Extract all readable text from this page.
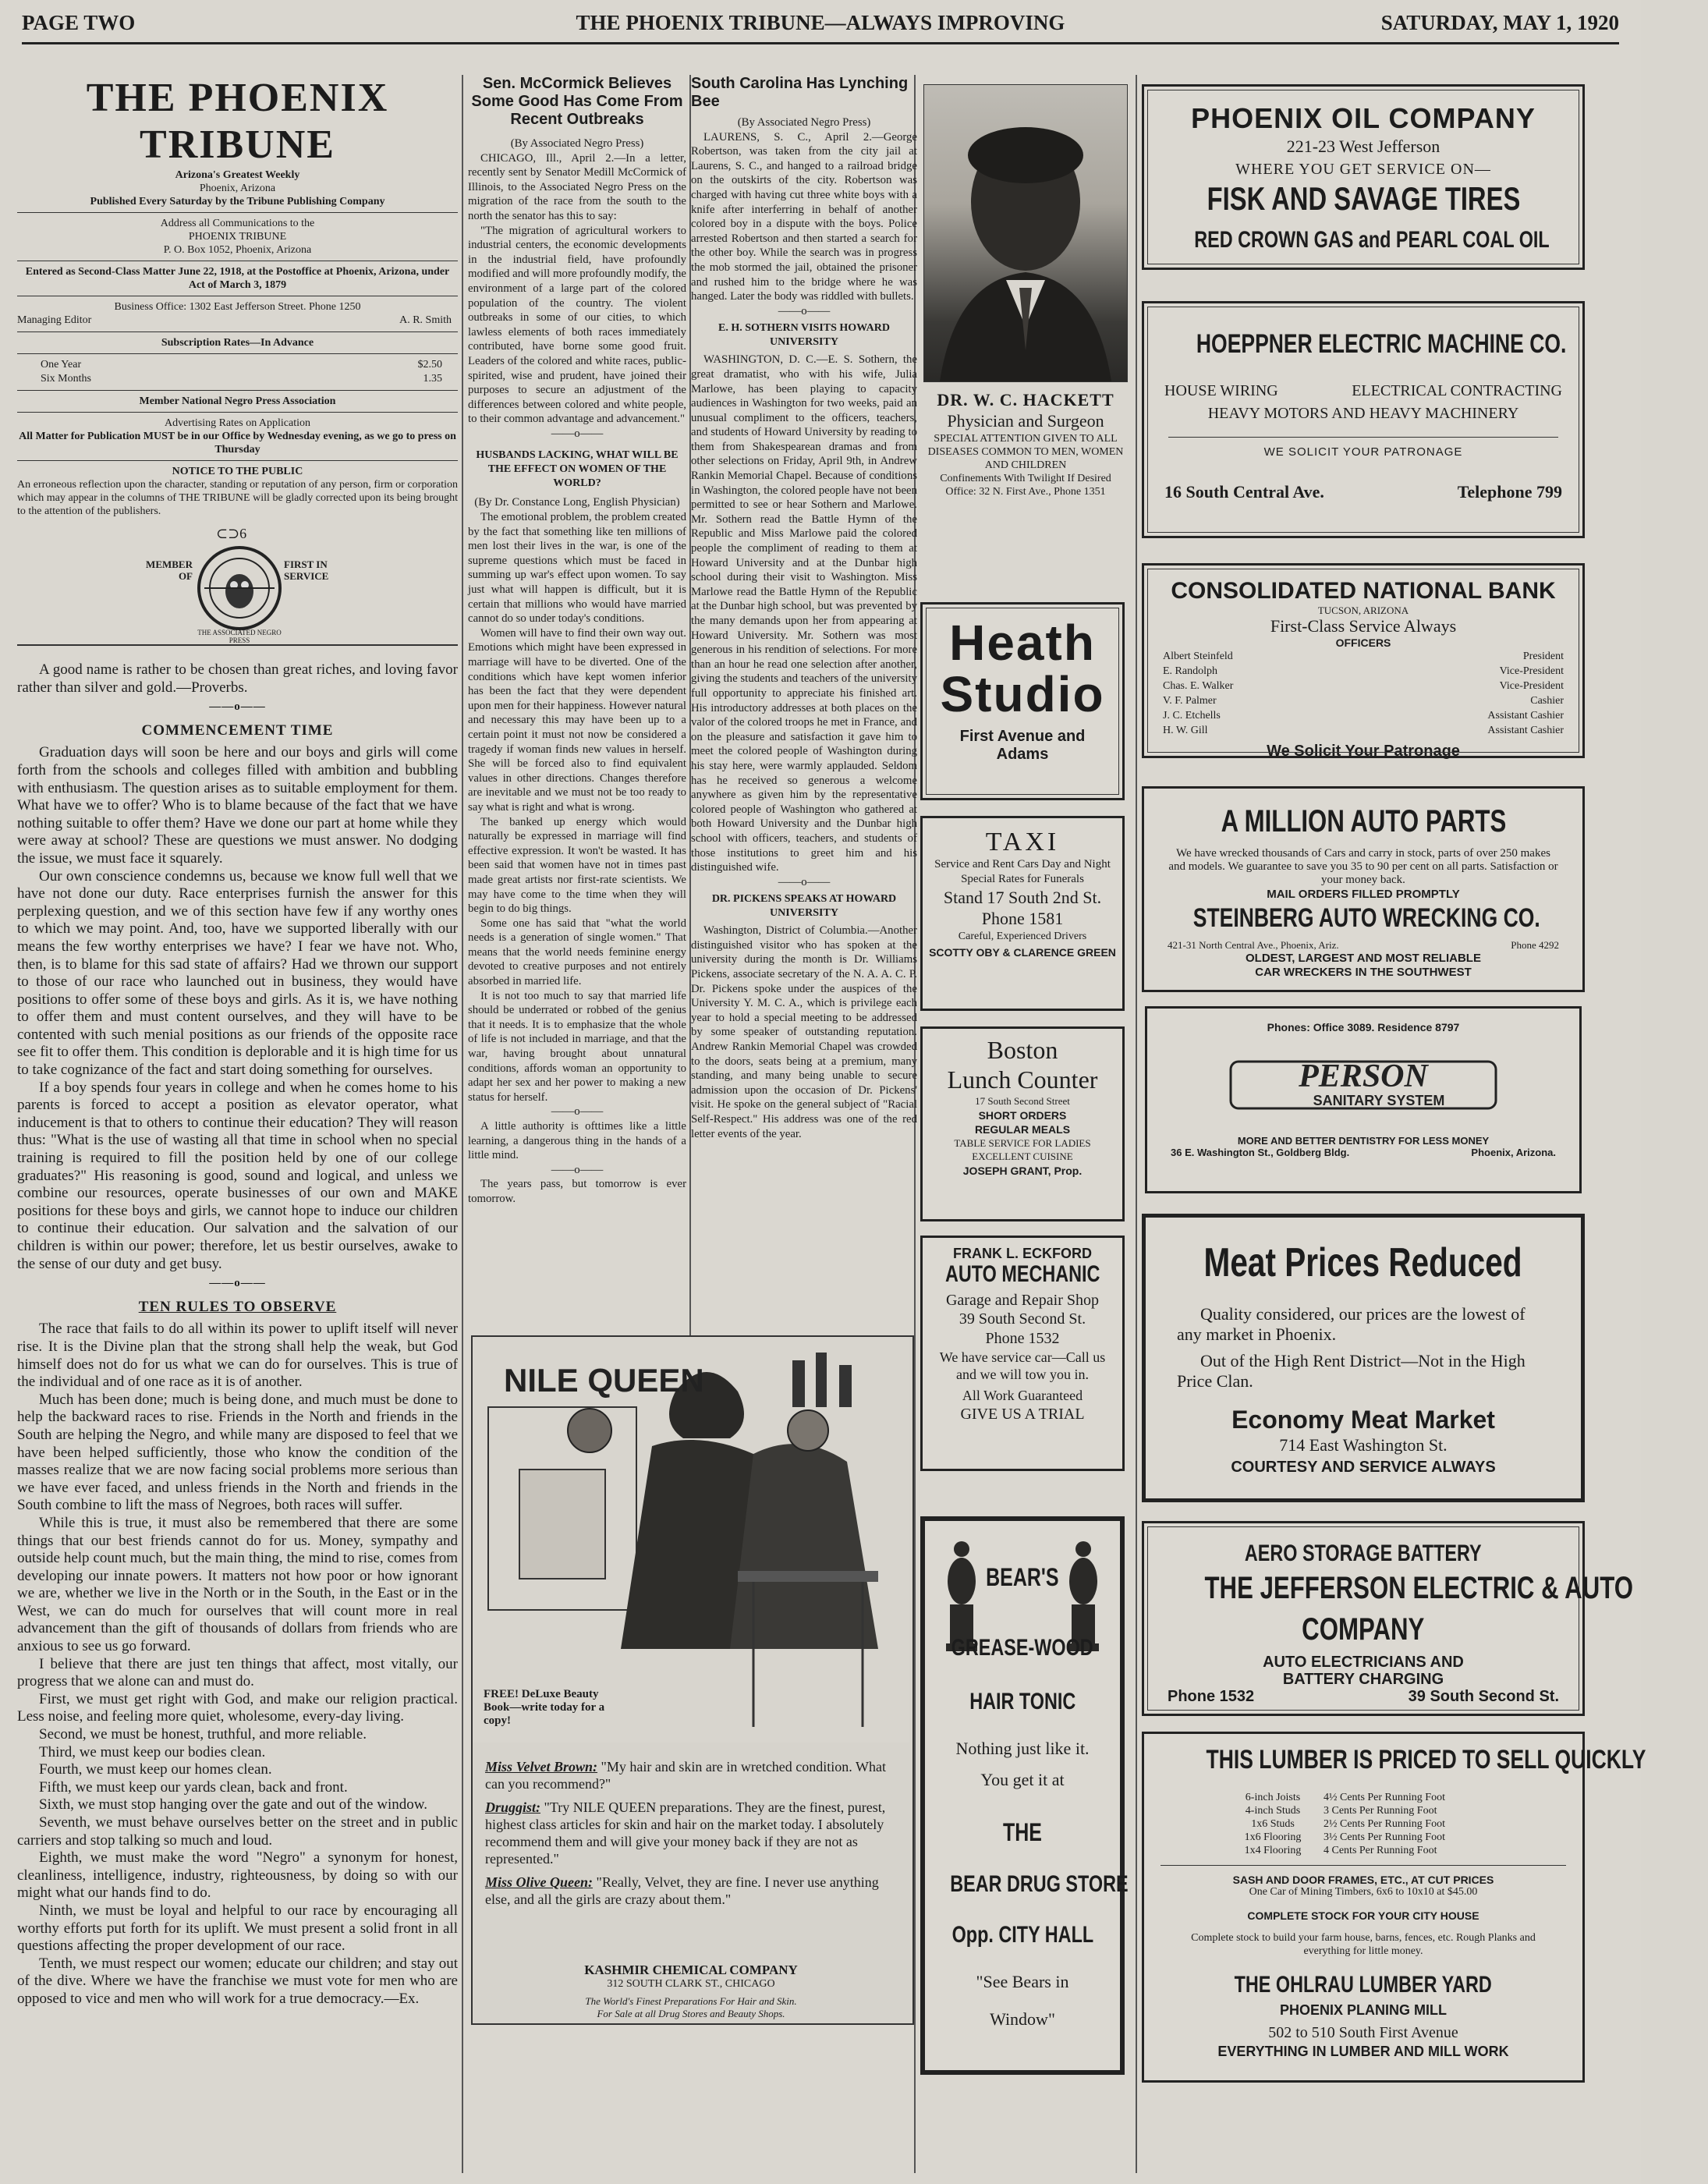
PAGE TWO	THE PHOENIX TRIBUNE—ALWAYS IMPROVING	SATURDAY, MAY 1, 1920
THE PHOENIX TRIBUNE
Arizona's Greatest Weekly
Phoenix, Arizona
Published Every Saturday by the Tribune Publishing Company
Address all Communications to the
PHOENIX TRIBUNE
P. O. Box 1052, Phoenix, Arizona
Entered as Second-Class Matter June 22, 1918, at the Postoffice at Phoenix, Arizona, under Act of March 3, 1879
Business Office: 1302 East Jefferson Street. Phone 1250
Managing Editor	A. R. Smith
Subscription Rates—In Advance
One Year	$2.50
Six Months	1.35
Member National Negro Press Association
Advertising Rates on Application
All Matter for Publication MUST be in our Office by Wednesday evening, as we go to press on Thursday
NOTICE TO THE PUBLIC
An erroneous reflection upon the character, standing or reputation of any person, firm or corporation which may appear in the columns of THE TRIBUNE will be gladly corrected upon its being brought to the attention of the publishers.
⊂⊃6
MEMBER OF
FIRST IN SERVICE
THE ASSOCIATED NEGRO PRESS

A good name is rather to be chosen than great riches, and loving favor rather than silver and gold.—Proverbs.

——o——
COMMENCEMENT TIME

Graduation days will soon be here and our boys and girls will come forth from the schools and colleges filled with ambition and bubbling with enthusiasm. The question arises as to suitable employment for them. What have we to offer? Who is to blame because of the fact that we have nothing suitable to offer them? Have we done our part at home while they were away at school? These are questions we must answer. No dodging the issue, we must face it squarely.

Our own conscience condemns us, because we know full well that we have not done our duty. Race enterprises furnish the answer for this perplexing question, and we of this section have few if any worthy ones to which we may point. And, too, have we supported liberally with our means the few worthy enterprises we have? I fear we have not. Who, then, is to blame for this sad state of affairs? Had we thrown our support to those of our race who launched out in business, they would have positions to offer some of these boys and girls. As it is, we have nothing to offer them and must content ourselves, and they will have to be contented with such menial positions as our friends of the opposite race see fit to offer them. This condition is deplorable and it is high time for us to take cognizance of the fact and start doing something for ourselves.

If a boy spends four years in college and when he comes home to his parents is forced to accept a position as elevator operator, what inducement is that to others to continue their education? They will reason thus: "What is the use of wasting all that time in school when no special training is required to fill the position held by one of our college graduates?" His reasoning is good, sound and logical, and unless we combine our resources, operate businesses of our own and MAKE positions for these boys and girls, we cannot hope to induce our children to continue their education. Our salvation and the salvation of our children is within our power; therefore, let us bestir ourselves, awake to the sense of our duty and get busy.

——o——
TEN RULES TO OBSERVE

The race that fails to do all within its power to uplift itself will never rise. It is the Divine plan that the strong shall help the weak, but God himself does not do for us what we can do for ourselves. This is true of the individual and of one race as it is of another.

Much has been done; much is being done, and much must be done to help the backward races to rise. Friends in the North and friends in the South are helping the Negro, and while many are disposed to feel that we have been helped sufficiently, those who know the condition of the masses realize that we are now facing social problems more serious than we have ever faced, and unless friends in the North and friends in the South combine to lift the mass of Negroes, both races will suffer.

While this is true, it must also be remembered that there are some things that our best friends cannot do for us. Money, sympathy and outside help count much, but the main thing, the mind to rise, comes from developing our innate powers. It matters not how poor or how ignorant we are, whether we live in the North or in the South, in the East or in the West, we can do much for ourselves that will count more in real advancement than the gift of thousands of dollars from friends who are anxious to see us go forward.

I believe that there are just ten things that affect, most vitally, our progress that we alone can and must do.

First, we must get right with God, and make our religion practical. Less noise, and feeling more quiet, wholesome, every-day living.

Second, we must be honest, truthful, and more reliable.

Third, we must keep our bodies clean.

Fourth, we must keep our homes clean.

Fifth, we must keep our yards clean, back and front.

Sixth, we must stop hanging over the gate and out of the window.

Seventh, we must behave ourselves better on the street and in public carriers and stop talking so much and loud.

Eighth, we must make the word "Negro" a synonym for honest, cleanliness, intelligence, industry, righteousness, by doing so with our might what our hands find to do.

Ninth, we must be loyal and helpful to our race by encouraging all worthy efforts put forth for its uplift. We must present a solid front in all questions affecting the proper development of our race.

Tenth, we must respect our women; educate our children; and stay out of the dive. Where we have the franchise we must vote for men who are opposed to vice and men who will work for a true democracy.—Ex.

Sen. McCormick Believes Some Good Has Come From Recent Outbreaks
(By Associated Negro Press)

CHICAGO, Ill., April 2.—In a letter, recently sent by Senator Medill McCormick of Illinois, to the Associated Negro Press on the migration of the race from the south to the north the senator has this to say:

"The migration of agricultural workers to industrial centers, the economic developments in the industrial field, have profoundly modified and will more profoundly modify, the environment of a large part of the colored population of the country. The violent outbreaks in some of our cities, to which lawless elements of both races immediately contributed, have borne some good fruit. Leaders of the colored and white races, public-spirited, wise and prudent, have joined their purposes to secure an adjustment of the differences between colored and white people, to their common advantage and advancement."

——o——
HUSBANDS LACKING, WHAT WILL BE THE EFFECT ON WOMEN OF THE WORLD?
(By Dr. Constance Long, English Physician)

The emotional problem, the problem created by the fact that something like ten millions of men lost their lives in the war, is one of the supreme questions which must be faced in summing up war's effect upon women. To say just what will happen is difficult, but it is certain that millions who would have married cannot do so under today's conditions.

Women will have to find their own way out. Emotions which might have been expressed in marriage will have to be diverted. One of the conditions which have kept women inferior has been the fact that they were dependent upon men for their happiness. However natural and necessary this may have been up to a certain point it must not now be considered a tragedy if woman finds new values in herself. She will be forced also to find equivalent values in other directions. Changes therefore are inevitable and we must not be too ready to say what is right and what is wrong.

The banked up energy which would naturally be expressed in marriage will find effective expression. It won't be wasted. It has been said that women have not in times past made great artists nor first-rate scientists. We may have come to the time when they will begin to do big things.

Some one has said that "what the world needs is a generation of single women." That means that the world needs feminine energy devoted to creative purposes and not entirely absorbed in married life.

It is not too much to say that married life should be underrated or robbed of the genius that it needs. It is to emphasize that the whole of life is not included in marriage, and that the war, having brought about unnatural conditions, affords woman an opportunity to adapt her sex and her power to making a new status for herself.

——o——

A little authority is ofttimes like a little learning, a dangerous thing in the hands of a little mind.

——o——

The years pass, but tomorrow is ever tomorrow.

South Carolina Has Lynching Bee
(By Associated Negro Press)

LAURENS, S. C., April 2.—George Robertson, was taken from the city jail at Laurens, S. C., and hanged to a railroad bridge on the outskirts of the city. Robertson was charged with having cut three white boys with a knife after interferring in behalf of another colored boy in a dispute with the boys. Police arrested Robertson and then started a search for the other boy. While the search was in progress the mob stormed the jail, obtained the prisoner and rushed him to the bridge where he was hanged. Later the body was riddled with bullets.

——o——
E. H. SOTHERN VISITS HOWARD UNIVERSITY

WASHINGTON, D. C.—E. S. Sothern, the great dramatist, who with his wife, Julia Marlowe, has been playing to capacity audiences in Washington for two weeks, paid an unusual compliment to the officers, teachers, and students of Howard University by reading to them from Shakespearean dramas and from other selections on Friday, April 9th, in Andrew Rankin Memorial Chapel. Because of conditions in Washington, the colored people have not been permitted to see or hear Sothern and Marlowe. Mr. Sothern read the Battle Hymn of the Republic and Miss Marlowe paid the colored people the compliment of reading to them at Howard University and at the Dunbar high school during their visit to Washington. Miss Marlowe read the Battle Hymn of the Republic at the Dunbar high school, but was prevented by the many demands upon her from appearing at Howard University. Mr. Sothern was most generous in his rendition of selections. For more than an hour he read one selection after another, giving the students and teachers of the university full opportunity to appreciate his finished art. His introductory addresses at both places on the valor of the colored troops he met in France, and on the pleasure and satisfaction it gave him to meet the colored people of Washington during his stay here, were warmly applauded. Seldom has he received so generous a welcome anywhere as given him by the representative colored people of Washington who gathered at both Howard University and the Dunbar high school with officers, teachers, and students of those institutions to greet him and his distinguished wife.

——o——
DR. PICKENS SPEAKS AT HOWARD UNIVERSITY

Washington, District of Columbia.—Another distinguished visitor who has spoken at the university during the month is Dr. Williams Pickens, associate secretary of the N. A. A. C. P. Dr. Pickens spoke under the auspices of the University Y. M. C. A., which is privilege each year to hold a special meeting to be addressed by some speaker of outstanding reputation. Andrew Rankin Memorial Chapel was crowded to the doors, seats being at a premium, many standing, and many being unable to secure admission upon the occasion of Dr. Pickens' visit. He spoke on the general subject of "Racial Self-Respect." His address was one of the red letter events of the year.

NILE QUEEN
FREE! DeLuxe Beauty Book—write today for a copy!
Miss Velvet Brown: "My hair and skin are in wretched condition. What can you recommend?"
Druggist: "Try NILE QUEEN preparations. They are the finest, purest, highest class articles for skin and hair on the market today. I absolutely recommend them and will give your money back if they are not as represented."
Miss Olive Queen: "Really, Velvet, they are fine. I never use anything else, and all the girls are crazy about them."
KASHMIR CHEMICAL COMPANY
312 SOUTH CLARK ST., CHICAGO
The World's Finest Preparations For Hair and Skin.
For Sale at all Drug Stores and Beauty Shops.
DR. W. C. HACKETT
Physician and Surgeon
SPECIAL ATTENTION GIVEN TO ALL DISEASES COMMON TO MEN, WOMEN AND CHILDREN
Confinements With Twilight If Desired
Office: 32 N. First Ave., Phone 1351
Heath
Studio
First Avenue and
Adams
TAXI
Service and Rent Cars Day and Night
Special Rates for Funerals
Stand 17 South 2nd St.
Phone 1581
Careful, Experienced Drivers
SCOTTY OBY & CLARENCE GREEN
Boston
Lunch Counter
17 South Second Street
SHORT ORDERS
REGULAR MEALS
TABLE SERVICE FOR LADIES
EXCELLENT CUISINE
JOSEPH GRANT, Prop.
FRANK L. ECKFORD
AUTO MECHANIC
Garage and Repair Shop
39 South Second St.
Phone 1532
We have service car—Call us and we will tow you in.
All Work Guaranteed
GIVE US A TRIAL
BEAR'S
GREASE-WOOD
HAIR TONIC
Nothing just like it.
You get it at
THE
BEAR DRUG STORE
Opp. CITY HALL
"See Bears in
Window"
PHOENIX OIL COMPANY
221-23 West Jefferson
WHERE YOU GET SERVICE ON—
FISK AND SAVAGE TIRES
RED CROWN GAS and PEARL COAL OIL
HOEPPNER ELECTRIC MACHINE CO.
HOUSE WIRING	ELECTRICAL CONTRACTING
HEAVY MOTORS AND HEAVY MACHINERY
WE SOLICIT YOUR PATRONAGE
16 South Central Ave.	Telephone 799
CONSOLIDATED NATIONAL BANK
TUCSON, ARIZONA
First-Class Service Always
OFFICERS
Albert Steinfeld	President
E. Randolph	Vice-President
Chas. E. Walker	Vice-President
V. F. Palmer	Cashier
J. C. Etchells	Assistant Cashier
H. W. Gill	Assistant Cashier
We Solicit Your Patronage
A MILLION AUTO PARTS
We have wrecked thousands of Cars and carry in stock, parts of over 250 makes and models. We guarantee to save you 35 to 90 per cent on all parts. Satisfaction or your money back.
MAIL ORDERS FILLED PROMPTLY
STEINBERG AUTO WRECKING CO.
421-31 North Central Ave., Phoenix, Ariz.	Phone 4292
OLDEST, LARGEST AND MOST RELIABLE
CAR WRECKERS IN THE SOUTHWEST
Phones: Office 3089. Residence 8797
PERSON
SANITARY SYSTEM
MORE AND BETTER DENTISTRY FOR LESS MONEY
36 E. Washington St., Goldberg Bldg.	Phoenix, Arizona.
Meat Prices Reduced
Quality considered, our prices are the lowest of any market in Phoenix.
Out of the High Rent District—Not in the High Price Clan.
Economy Meat Market
714 East Washington St.
COURTESY AND SERVICE ALWAYS
AERO STORAGE BATTERY
THE JEFFERSON ELECTRIC & AUTO
COMPANY
AUTO ELECTRICIANS AND
BATTERY CHARGING
Phone 1532	39 South Second St.
THIS LUMBER IS PRICED TO SELL QUICKLY
6-inch Joists	4½ Cents Per Running Foot
4-inch Studs	3 Cents Per Running Foot
1x6 Studs	2½ Cents Per Running Foot
1x6 Flooring	3½ Cents Per Running Foot
1x4 Flooring	4 Cents Per Running Foot
SASH AND DOOR FRAMES, ETC., AT CUT PRICES
One Car of Mining Timbers, 6x6 to 10x10 at $45.00
COMPLETE STOCK FOR YOUR CITY HOUSE
Complete stock to build your farm house, barns, fences, etc. Rough Planks and everything for little money.
THE OHLRAU LUMBER YARD
PHOENIX PLANING MILL
502 to 510 South First Avenue
EVERYTHING IN LUMBER AND MILL WORK
